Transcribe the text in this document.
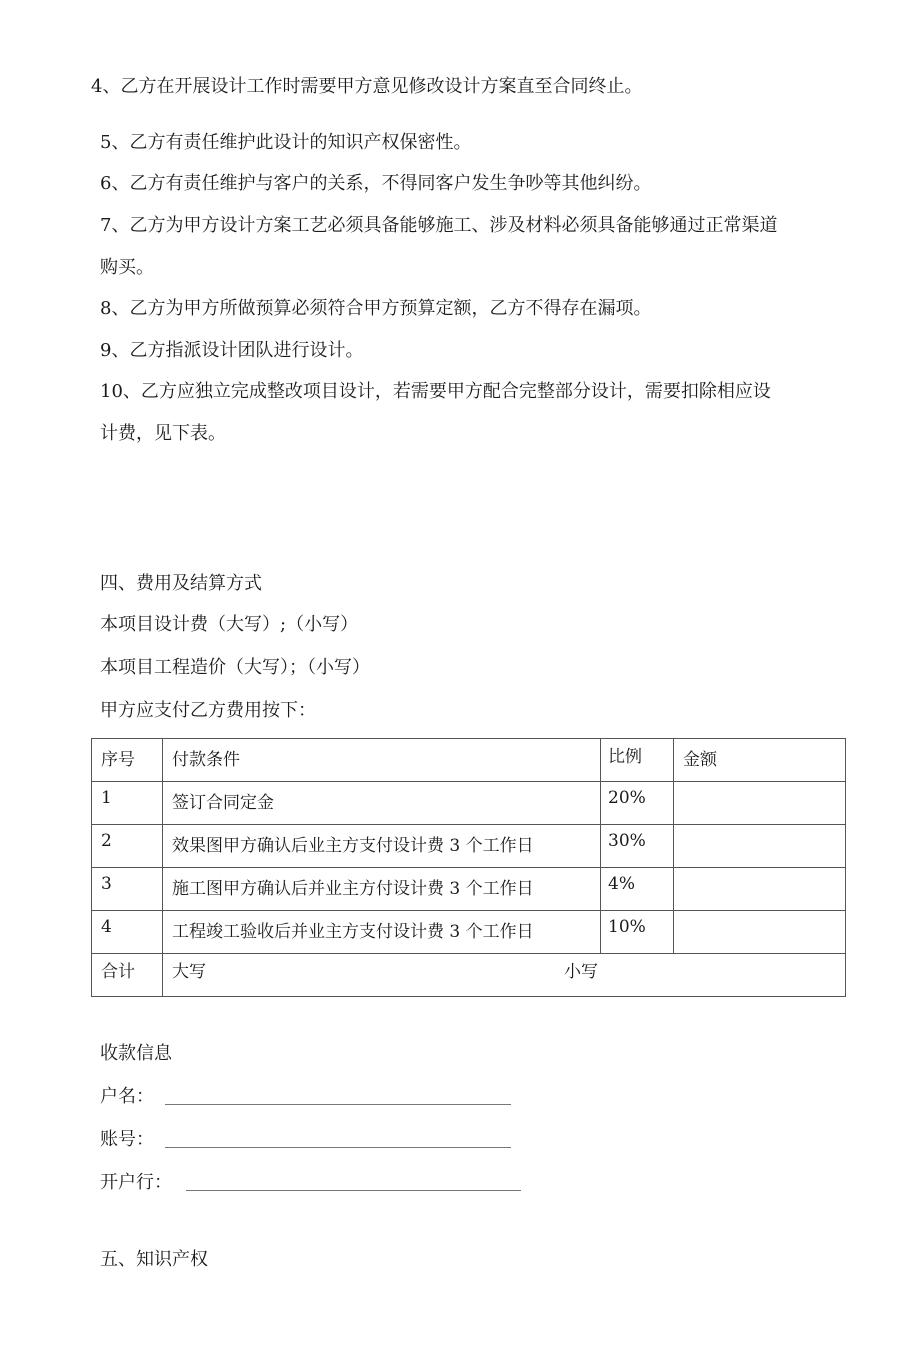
4、乙方在开展设计工作时需要甲方意见修改设计方案直至合同终止。
5、乙方有责任维护此设计的知识产权保密性。
6、乙方有责任维护与客户的关系，不得同客户发生争吵等其他纠纷。
7、乙方为甲方设计方案工艺必须具备能够施工、涉及材料必须具备能够通过正常渠道
购买。
8、乙方为甲方所做预算必须符合甲方预算定额，乙方不得存在漏项。
9、乙方指派设计团队进行设计。
10、乙方应独立完成整改项目设计，若需要甲方配合完整部分设计，需要扣除相应设
计费，见下表。
四、费用及结算方式
本项目设计费（大写）;（小写）
本项目工程造价（大写）；（小写）
甲方应支付乙方费用按下：
序号	付款条件	比例	金额
1	签订合同定金	20%	
2	效果图甲方确认后业主方支付设计费 3 个工作日	30%	
3	施工图甲方确认后并业主方付设计费 3 个工作日	4%	
4	工程竣工验收后并业主方支付设计费 3 个工作日	10%	
合计	大写 小写		
收款信息
户名：
账号：
开户行：
五、知识产权
